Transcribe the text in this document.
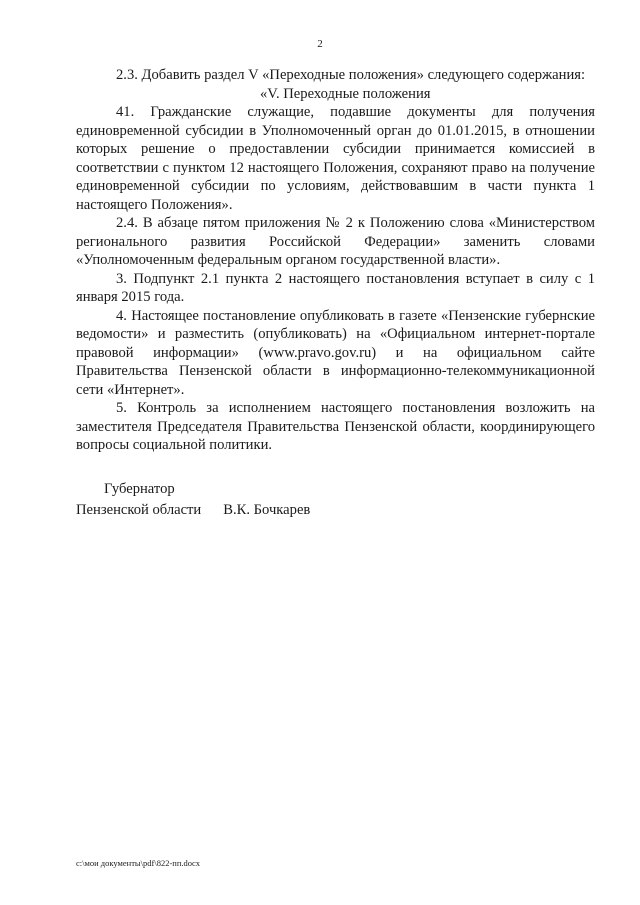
2

2.3. Добавить раздел V «Переходные положения» следующего содержания:

«V. Переходные положения

41. Гражданские служащие, подавшие документы для получения единовременной субсидии в Уполномоченный орган до 01.01.2015, в отношении которых решение о предоставлении субсидии принимается комиссией в соответствии с пунктом 12 настоящего Положения, сохраняют право на получение единовременной субсидии по условиям, действовавшим в части пункта 1 настоящего Положения».

2.4. В абзаце пятом приложения № 2 к Положению слова «Министерством регионального развития Российской Федерации» заменить словами «Уполномоченным федеральным органом государственной власти».

3. Подпункт 2.1 пункта 2 настоящего постановления вступает в силу с 1 января 2015 года.

4. Настоящее постановление опубликовать в газете «Пензенские губернские ведомости» и разместить (опубликовать) на «Официальном интернет-портале правовой информации» (www.pravo.gov.ru) и на официальном сайте Правительства Пензенской области в информационно-телекоммуникационной сети «Интернет».

5. Контроль за исполнением настоящего постановления возложить на заместителя Председателя Правительства Пензенской области, координирующего вопросы социальной политики.

Губернатор
Пензенской области В.К. Бочкарев
c:\мои документы\pdf\822-пп.docx
